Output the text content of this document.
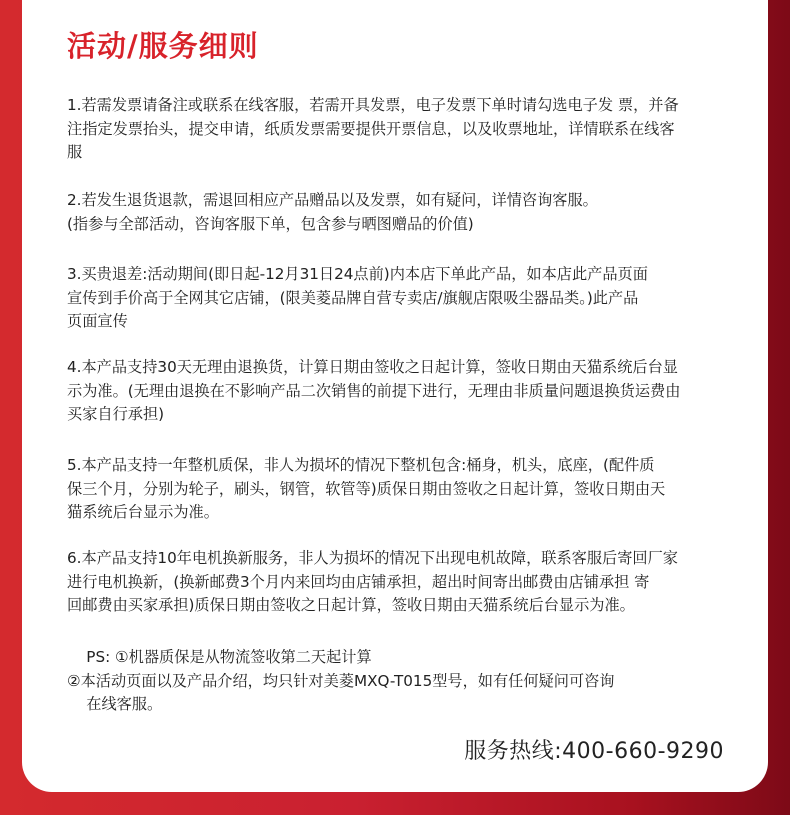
活动/服务细则

1.若需发票请备注或联系在线客服，若需开具发票，电子发票下单时请勾选电子发 票，并备
注指定发票抬头，提交申请，纸质发票需要提供开票信息，以及收票地址，详情联系在线客
服

2.若发生退货退款，需退回相应产品赠品以及发票，如有疑问，详情咨询客服。
(指参与全部活动，咨询客服下单，包含参与晒图赠品的价值)

3.买贵退差:活动期间(即日起-12月31日24点前)内本店下单此产品，如本店此产品页面
宣传到手价高于全网其它店铺，(限美菱品牌自营专卖店/旗舰店限吸尘器品类。)此产品
页面宣传

4.本产品支持30天无理由退换货，计算日期由签收之日起计算，签收日期由天猫系统后台显
示为准。(无理由退换在不影响产品二次销售的前提下进行，无理由非质量问题退换货运费由
买家自行承担)

5.本产品支持一年整机质保，非人为损坏的情况下整机包含:桶身，机头，底座，(配件质
保三个月，分别为轮子，刷头，钢管，软管等)质保日期由签收之日起计算，签收日期由天
猫系统后台显示为准。

6.本产品支持10年电机换新服务，非人为损坏的情况下出现电机故障，联系客服后寄回厂家
进行电机换新，(换新邮费3个月内来回均由店铺承担，超出时间寄出邮费由店铺承担 寄
回邮费由买家承担)质保日期由签收之日起计算，签收日期由天猫系统后台显示为准。

PS: ①机器质保是从物流签收第二天起计算
②本活动页面以及产品介绍，均只针对美菱MXQ-T015型号，如有任何疑问可咨询
在线客服。
服务热线:400-660-9290
